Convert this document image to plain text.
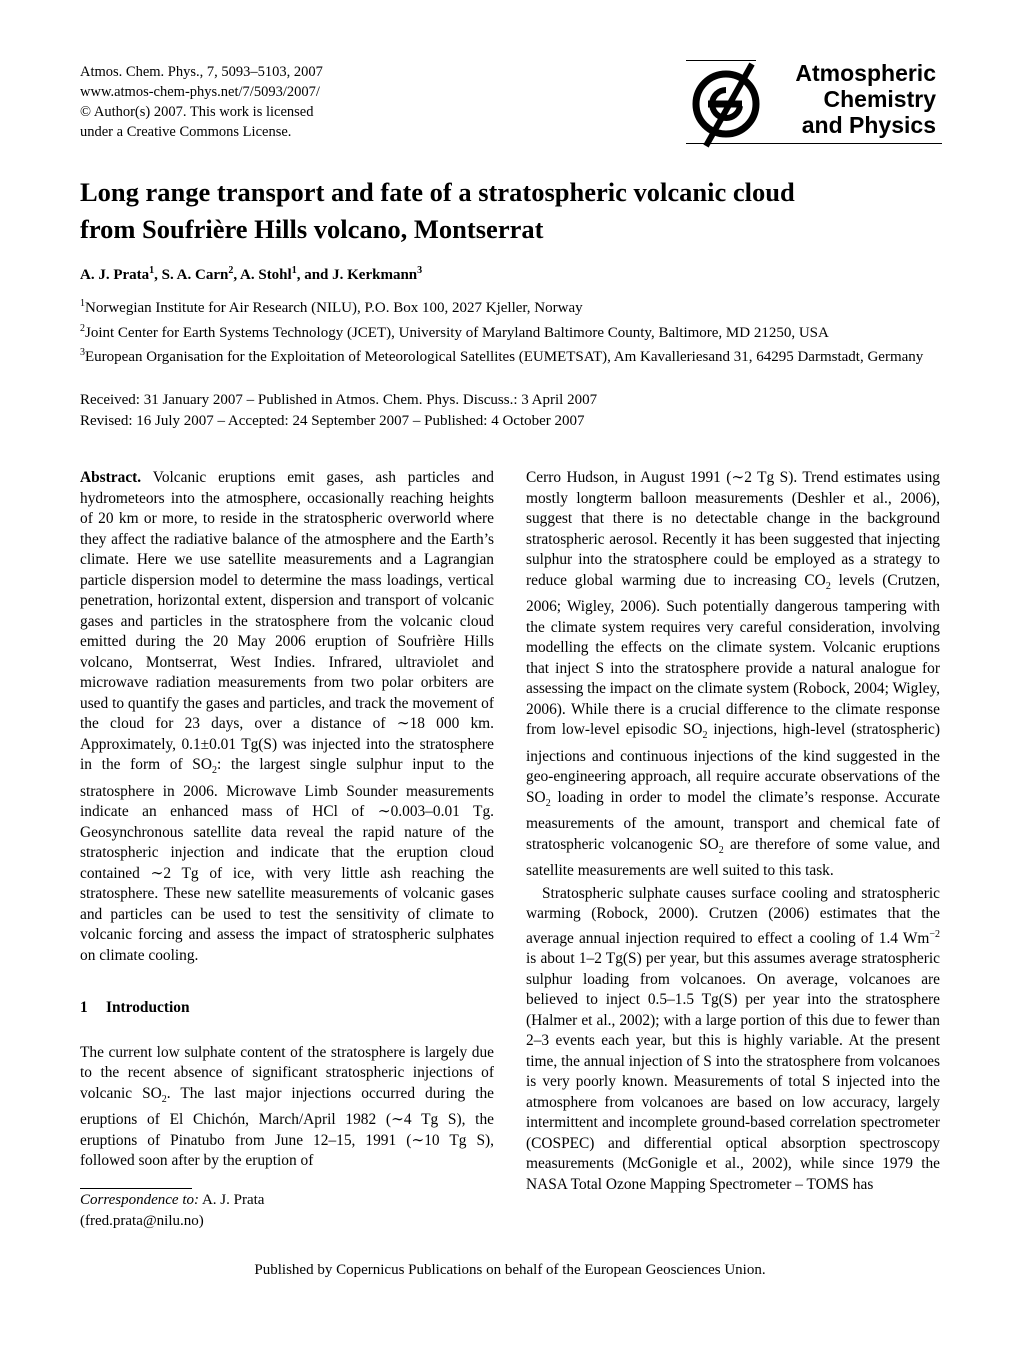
Atmos. Chem. Phys., 7, 5093–5103, 2007
www.atmos-chem-phys.net/7/5093/2007/
© Author(s) 2007. This work is licensed
under a Creative Commons License.
Atmospheric
Chemistry
and Physics
Long range transport and fate of a stratospheric volcanic cloud
from Soufrière Hills volcano, Montserrat
A. J. Prata$^1$, S. A. Carn$^2$, A. Stohl$^1$, and J. Kerkmann$^3$
$^1$Norwegian Institute for Air Research (NILU), P.O. Box 100, 2027 Kjeller, Norway
$^2$Joint Center for Earth Systems Technology (JCET), University of Maryland Baltimore County, Baltimore, MD 21250, USA
$^3$European Organisation for the Exploitation of Meteorological Satellites (EUMETSAT), Am Kavalleriesand 31, 64295 Darmstadt, Germany
Received: 31 January 2007 – Published in Atmos. Chem. Phys. Discuss.: 3 April 2007
Revised: 16 July 2007 – Accepted: 24 September 2007 – Published: 4 October 2007

Abstract. Volcanic eruptions emit gases, ash particles and hydrometeors into the atmosphere, occasionally reaching heights of 20 km or more, to reside in the stratospheric overworld where they affect the radiative balance of the atmosphere and the Earth’s climate. Here we use satellite measurements and a Lagrangian particle dispersion model to determine the mass loadings, vertical penetration, horizontal extent, dispersion and transport of volcanic gases and particles in the stratosphere from the volcanic cloud emitted during the 20 May 2006 eruption of Soufrière Hills volcano, Montserrat, West Indies. Infrared, ultraviolet and microwave radiation measurements from two polar orbiters are used to quantify the gases and particles, and track the movement of the cloud for 23 days, over a distance of ∼18 000 km. Approximately, 0.1±0.01 Tg(S) was injected into the stratosphere in the form of $SO_2$: the largest single sulphur input to the stratosphere in 2006. Microwave Limb Sounder measurements indicate an enhanced mass of HCl of ∼0.003–0.01 Tg. Geosynchronous satellite data reveal the rapid nature of the stratospheric injection and indicate that the eruption cloud contained ∼2 Tg of ice, with very little ash reaching the stratosphere. These new satellite measurements of volcanic gases and particles can be used to test the sensitivity of climate to volcanic forcing and assess the impact of stratospheric sulphates on climate cooling.

1 Introduction

The current low sulphate content of the stratosphere is largely due to the recent absence of significant stratospheric injections of volcanic $SO_2$. The last major injections occurred during the eruptions of El Chichón, March/April 1982 (∼4 Tg S), the eruptions of Pinatubo from June 12–15, 1991 (∼10 Tg S), followed soon after by the eruption of

Cerro Hudson, in August 1991 (∼2 Tg S). Trend estimates using mostly longterm balloon measurements (Deshler et al., 2006), suggest that there is no detectable change in the background stratospheric aerosol. Recently it has been suggested that injecting sulphur into the stratosphere could be employed as a strategy to reduce global warming due to increasing $CO_2$ levels (Crutzen, 2006; Wigley, 2006). Such potentially dangerous tampering with the climate system requires very careful consideration, involving modelling the effects on the climate system. Volcanic eruptions that inject S into the stratosphere provide a natural analogue for assessing the impact on the climate system (Robock, 2004; Wigley, 2006). While there is a crucial difference to the climate response from low-level episodic $SO_2$ injections, high-level (stratospheric) injections and continuous injections of the kind suggested in the geo-engineering approach, all require accurate observations of the $SO_2$ loading in order to model the climate’s response. Accurate measurements of the amount, transport and chemical fate of stratospheric volcanogenic $SO_2$ are therefore of some value, and satellite measurements are well suited to this task.

Stratospheric sulphate causes surface cooling and stratospheric warming (Robock, 2000). Crutzen (2006) estimates that the average annual injection required to effect a cooling of 1.4 $Wm^{-2}$ is about 1–2 Tg(S) per year, but this assumes average stratospheric sulphur loading from volcanoes. On average, volcanoes are believed to inject 0.5–1.5 Tg(S) per year into the stratosphere (Halmer et al., 2002); with a large portion of this due to fewer than 2–3 events each year, but this is highly variable. At the present time, the annual injection of S into the stratosphere from volcanoes is very poorly known. Measurements of total S injected into the atmosphere from volcanoes are based on low accuracy, largely intermittent and incomplete ground-based correlation spectrometer (COSPEC) and differential optical absorption spectroscopy measurements (McGonigle et al., 2002), while since 1979 the NASA Total Ozone Mapping Spectrometer – TOMS has

Correspondence to: A. J. Prata
(fred.prata@nilu.no)
Published by Copernicus Publications on behalf of the European Geosciences Union.
